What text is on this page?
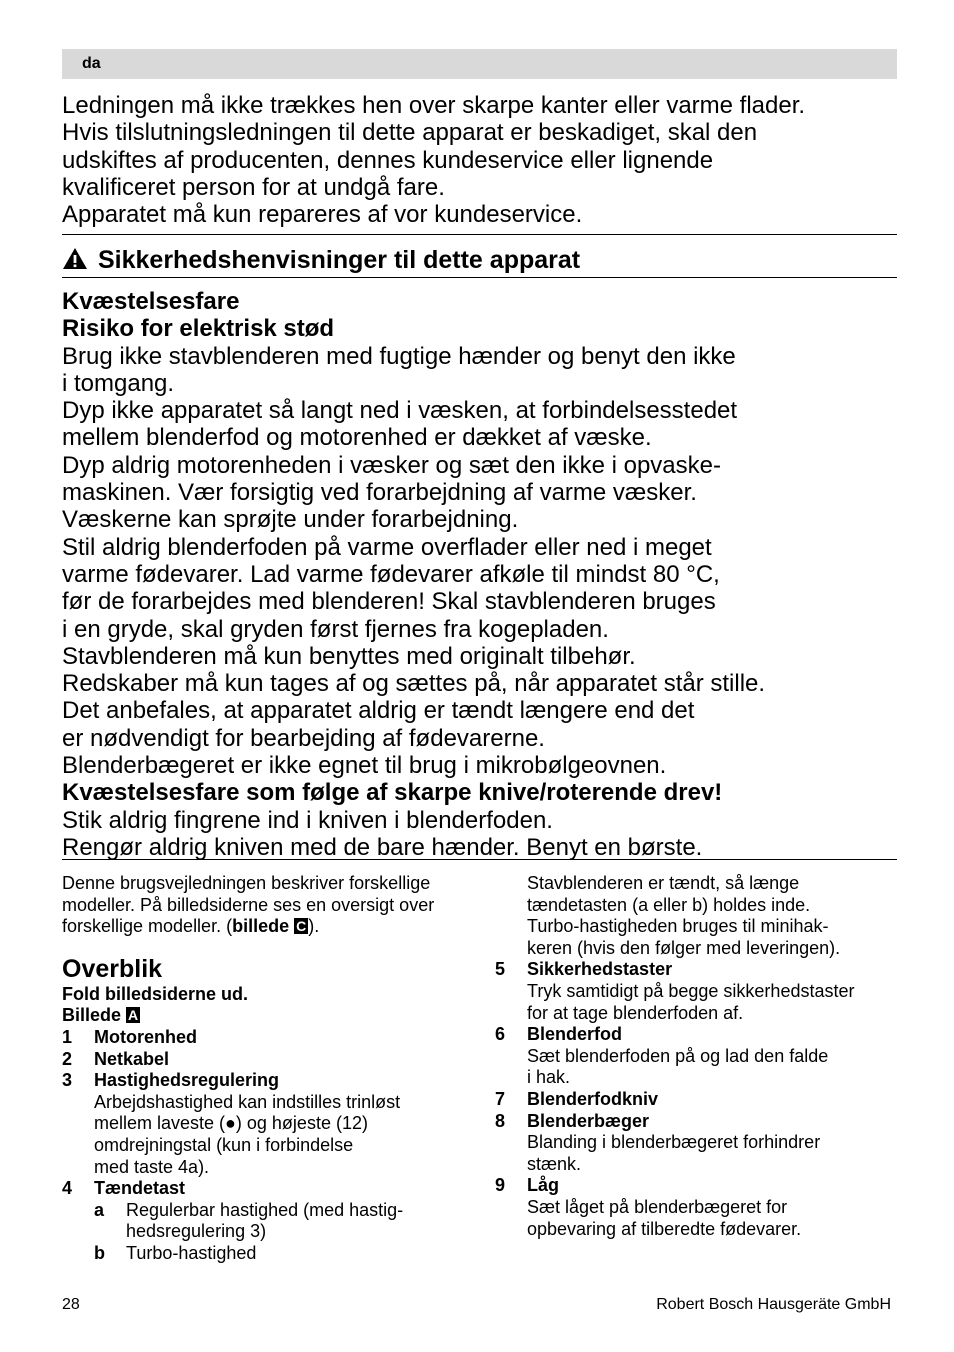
da

Ledningen må ikke trækkes hen over skarpe kanter eller varme flader.

Hvis tilslutningsledningen til dette apparat er beskadiget, skal den

udskiftes af producenten, dennes kundeservice eller lignende

kvalificeret person for at undgå fare.

Apparatet må kun repareres af vor kundeservice.

Sikkerhedshenvisninger til dette apparat

Kvæstelsesfare

Risiko for elektrisk stød

Brug ikke stavblenderen med fugtige hænder og benyt den ikke

i tomgang.

Dyp ikke apparatet så langt ned i væsken, at forbindelsesstedet

mellem blenderfod og motorenhed er dækket af væske.

Dyp aldrig motorenheden i væsker og sæt den ikke i opvaske-

maskinen. Vær forsigtig ved forarbejdning af varme væsker.

Væskerne kan sprøjte under forarbejdning.

Stil aldrig blenderfoden på varme overflader eller ned i meget

varme fødevarer. Lad varme fødevarer afkøle til mindst 80 °C,

før de forarbejdes med blenderen! Skal stavblenderen bruges

i en gryde, skal gryden først fjernes fra kogepladen.

Stavblenderen må kun benyttes med originalt tilbehør.

Redskaber må kun tages af og sættes på, når apparatet står stille.

Det anbefales, at apparatet aldrig er tændt længere end det

er nødvendigt for bearbejding af fødevarerne.

Blenderbægeret er ikke egnet til brug i mikrobølgeovnen.

Kvæstelsesfare som følge af skarpe knive/roterende drev!

Stik aldrig fingrene ind i kniven i blenderfoden.

Rengør aldrig kniven med de bare hænder. Benyt en børste.

Denne brugsvejledningen beskriver forskellige

modeller. På billedsiderne ses en oversigt over

forskellige modeller. (billede C ).

Overblik

Fold billedsiderne ud.

Billede A

1	Motorenhed

2	Netkabel

3	Hastighedsregulering

Arbejdshastighed kan indstilles trinløst

mellem laveste (●) og højeste (12)

omdrejningstal (kun i forbindelse

med taste 4a).

4	Tændetast

a	Regulerbar hastighed (med hastig-

hedsregulering 3)

b	Turbo-hastighed

Stavblenderen er tændt, så længe

tændetasten (a eller b) holdes inde.

Turbo-hastigheden bruges til minihak-

keren (hvis den følger med leveringen).

5	Sikkerhedstaster

Tryk samtidigt på begge sikkerhedstaster

for at tage blenderfoden af.

6	Blenderfod

Sæt blenderfoden på og lad den falde

i hak.

7	Blenderfodkniv

8	Blenderbæger

Blanding i blenderbægeret forhindrer

stænk.

9	Låg

Sæt låget på blenderbægeret for

opbevaring af tilberedte fødevarer.

28	Robert Bosch Hausgeräte GmbH
